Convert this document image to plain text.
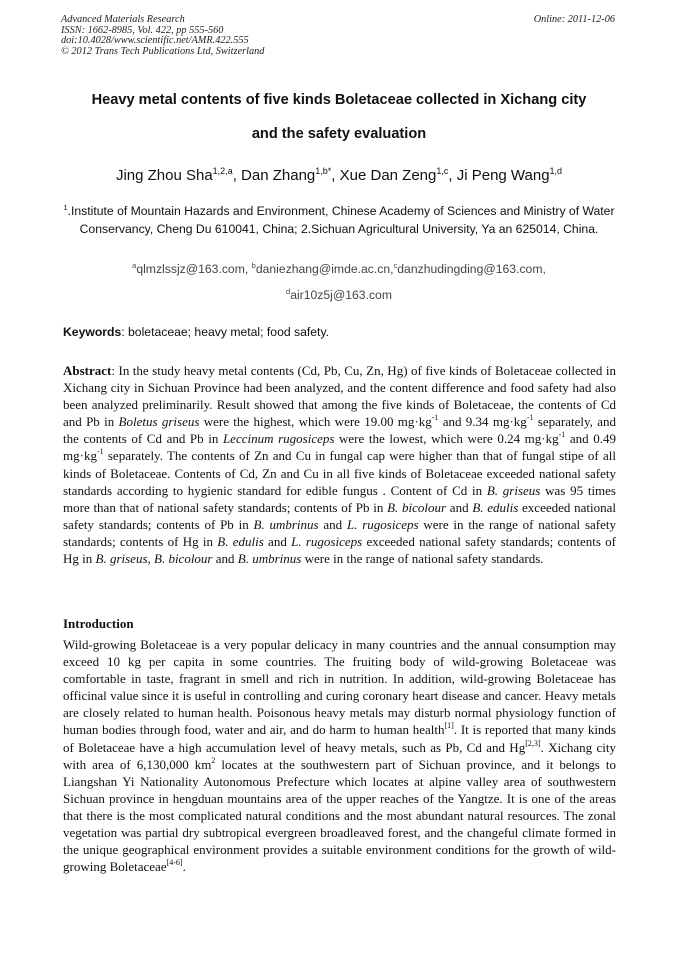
Advanced Materials Research
ISSN: 1662-8985, Vol. 422, pp 555-560
doi:10.4028/www.scientific.net/AMR.422.555
© 2012 Trans Tech Publications Ltd, Switzerland
Online: 2011-12-06
Heavy metal contents of five kinds Boletaceae collected in Xichang city
and the safety evaluation
Jing Zhou Sha$^{1,2,a}$, Dan Zhang$^{1,b*}$, Xue Dan Zeng$^{1,c}$, Ji Peng Wang$^{1,d}$
$^1$.Institute of Mountain Hazards and Environment, Chinese Academy of Sciences and Ministry of Water Conservancy, Cheng Du 610041, China; 2.Sichuan Agricultural University, Ya an 625014, China.
$^a$qlmzlssjz@163.com, $^b$daniezhang@imde.ac.cn,$^c$danzhudingding@163.com,
$^d$air10z5j@163.com
Keywords: boletaceae; heavy metal; food safety.
Abstract: In the study heavy metal contents (Cd, Pb, Cu, Zn, Hg) of five kinds of Boletaceae collected in Xichang city in Sichuan Province had been analyzed, and the content difference and food safety had also been analyzed preliminarily. Result showed that among the five kinds of Boletaceae, the contents of Cd and Pb in Boletus griseus were the highest, which were 19.00 $mg\cdot kg^{-1}$ and 9.34 $mg\cdot kg^{-1}$ separately, and the contents of Cd and Pb in Leccinum rugosiceps were the lowest, which were 0.24 $mg\cdot kg^{-1}$ and 0.49 $mg\cdot kg^{-1}$ separately. The contents of Zn and Cu in fungal cap were higher than that of fungal stipe of all kinds of Boletaceae. Contents of Cd, Zn and Cu in all five kinds of Boletaceae exceeded national safety standards according to hygienic standard for edible fungus . Content of Cd in B. griseus was 95 times more than that of national safety standards; contents of Pb in B. bicolour and B. edulis exceeded national safety standards; contents of Pb in B. umbrinus and L. rugosiceps were in the range of national safety standards; contents of Hg in B. edulis and L. rugosiceps exceeded national safety standards; contents of Hg in B. griseus, B. bicolour and B. umbrinus were in the range of national safety standards.
Introduction
Wild-growing Boletaceae is a very popular delicacy in many countries and the annual consumption may exceed 10 kg per capita in some countries. The fruiting body of wild-growing Boletaceae was comfortable in taste, fragrant in smell and rich in nutrition. In addition, wild-growing Boletaceae has officinal value since it is useful in controlling and curing coronary heart disease and cancer. Heavy metals are closely related to human health. Poisonous heavy metals may disturb normal physiology function of human bodies through food, water and air, and do harm to human health[1]. It is reported that many kinds of Boletaceae have a high accumulation level of heavy metals, such as Pb, Cd and Hg[2,3]. Xichang city with area of 6,130,000 $km^2$ locates at the southwestern part of Sichuan province, and it belongs to Liangshan Yi Nationality Autonomous Prefecture which locates at alpine valley area of southwestern Sichuan province in hengduan mountains area of the upper reaches of the Yangtze. It is one of the areas that there is the most complicated natural conditions and the most abundant natural resources. The zonal vegetation was partial dry subtropical evergreen broadleaved forest, and the changeful climate formed in the unique geographical environment provides a suitable environment conditions for the growth of wild-growing Boletaceae[4-6].
